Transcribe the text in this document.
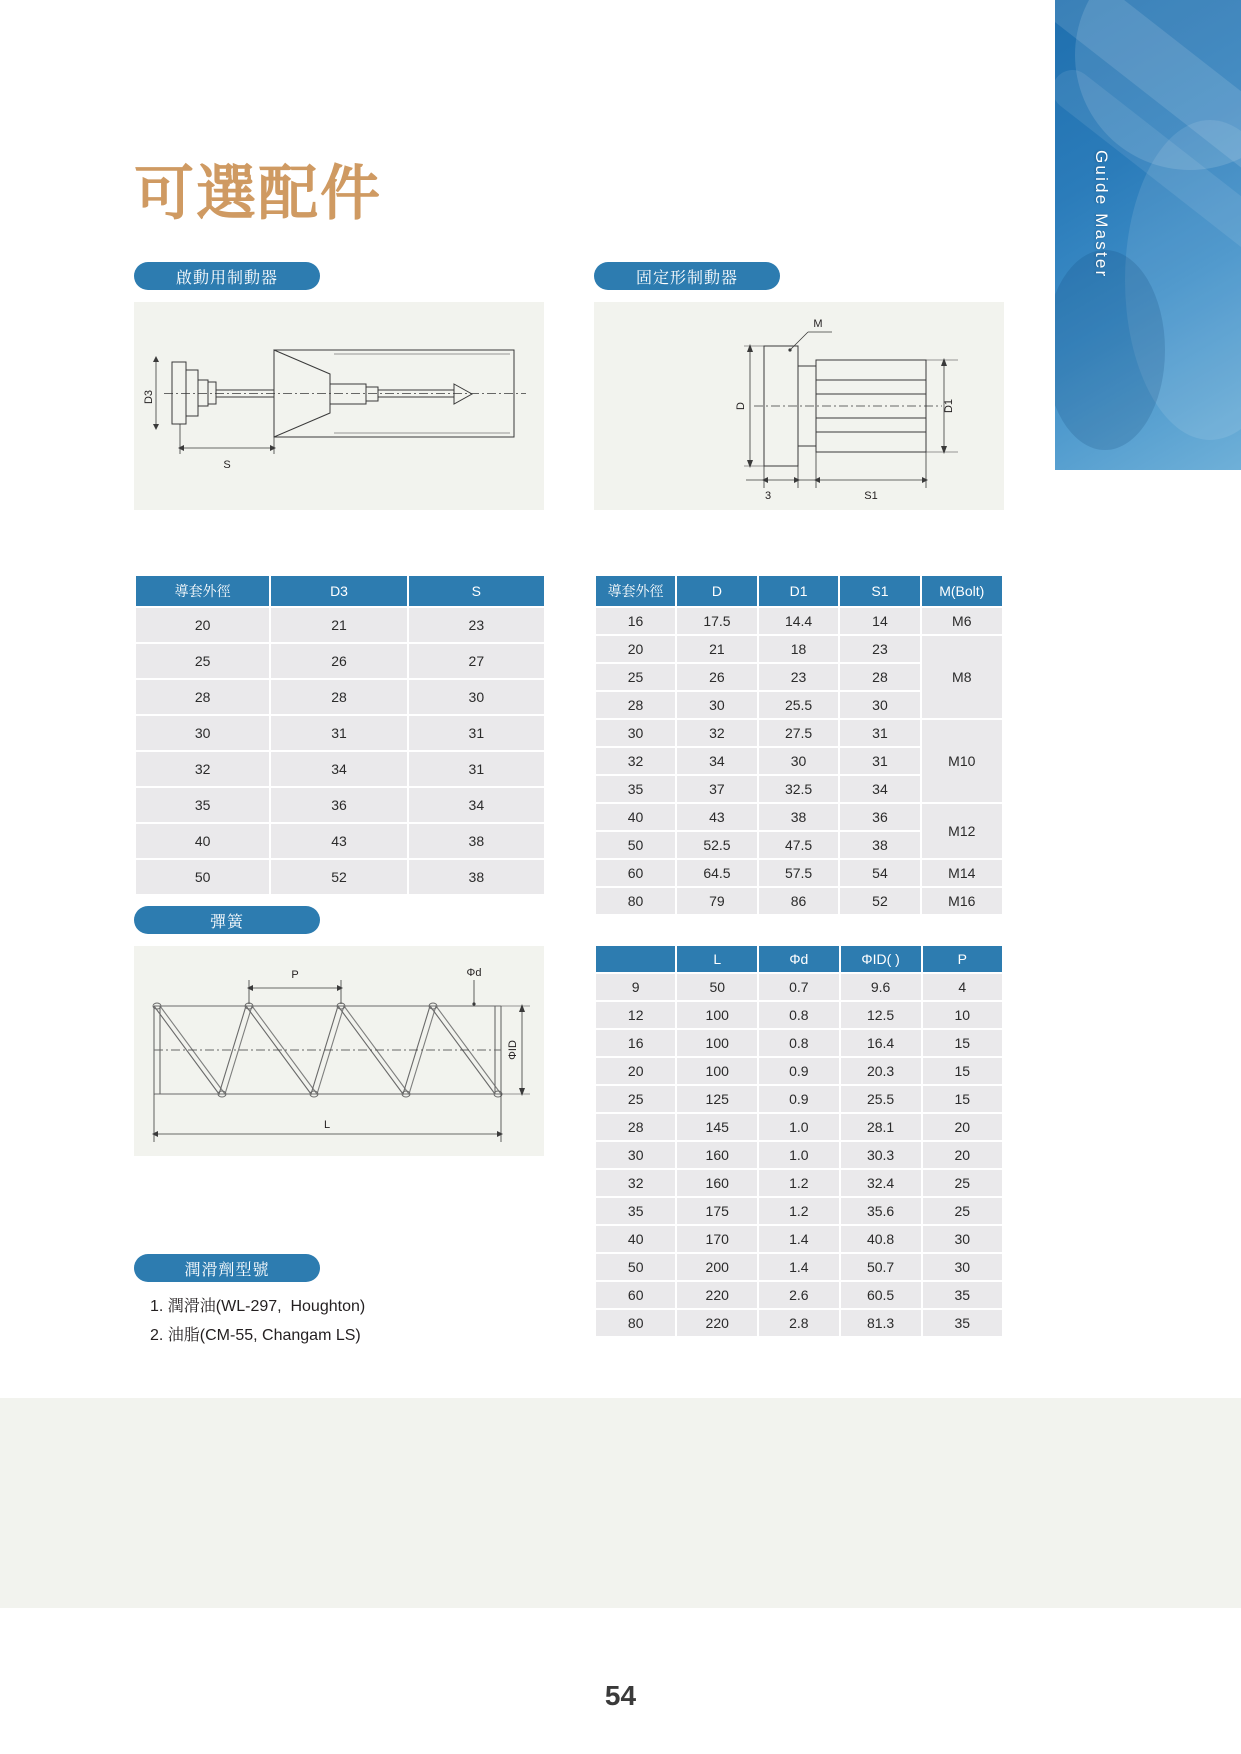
Guide Master
可選配件
啟動用制動器	固定形制動器
彈簧
潤滑劑型號
D3
S
M
D	D1
3	S1
P	Φd
ΦID
L
導套外徑	D3	S
20	21	23
25	26	27
28	28	30
30	31	31
32	34	31
35	36	34
40	43	38
50	52	38
導套外徑	D	D1	S1	M(Bolt)
16	17.5	14.4	14	M6
20	21	18	23	M8
25	26	23	28	
28	30	25.5	30	
30	32	27.5	31	M10
32	34	30	31	
35	37	32.5	34	
40	43	38	36	M12
50	52.5	47.5	38	
60	64.5	57.5	54	M14
80	79	86	52	M16
	L	Φd	ΦID( )	P
9	50	0.7	9.6	4
12	100	0.8	12.5	10
16	100	0.8	16.4	15
20	100	0.9	20.3	15
25	125	0.9	25.5	15
28	145	1.0	28.1	20
30	160	1.0	30.3	20
32	160	1.2	32.4	25
35	175	1.2	35.6	25
40	170	1.4	40.8	30
50	200	1.4	50.7	30
60	220	2.6	60.5	35
80	220	2.8	81.3	35
1. 潤滑油(WL-297,  Houghton)
2. 油脂(CM-55, Changam LS)
54
